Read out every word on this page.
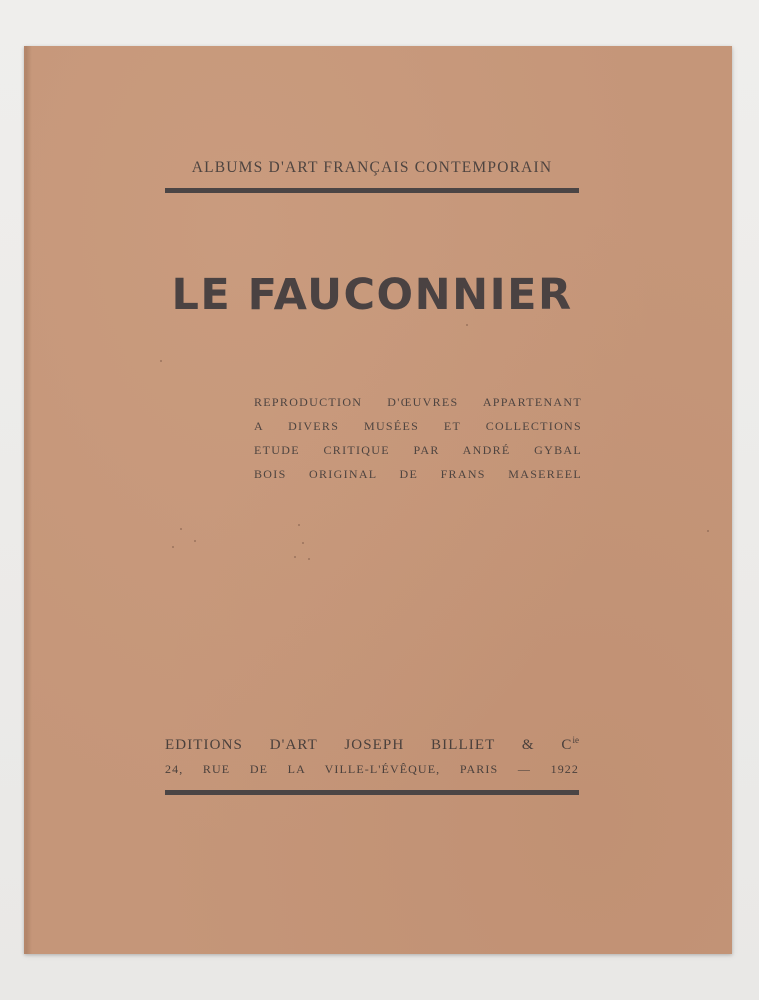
ALBUMS D'ART FRANÇAIS CONTEMPORAIN
LE FAUCONNIER
REPRODUCTION D'ŒUVRES APPARTENANT
A DIVERS MUSÉES ET COLLECTIONS
ETUDE CRITIQUE PAR ANDRÉ GYBAL
BOIS ORIGINAL DE FRANS MASEREEL
EDITIONS D'ART JOSEPH BILLIET & $C^{ie}$
24, RUE DE LA VILLE-L'ÉVÊQUE, PARIS — 1922
